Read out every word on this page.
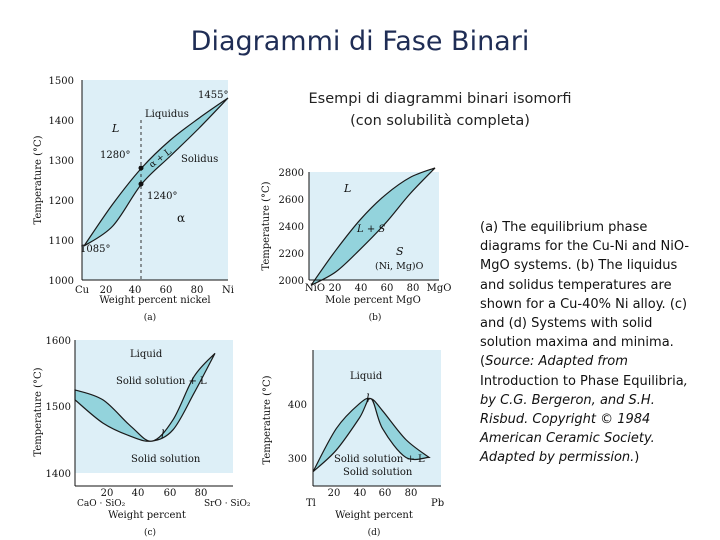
Diagrammi di Fase Binari
Esempi di diagrammi binari isomorfi
(con solubilità completa)
(a) The equilibrium phase diagrams for the Cu-Ni and NiO-MgO systems. (b) The liquidus and solidus temperatures are shown for a Cu-40% Ni alloy. (c) and (d) Systems with solid solution maxima and minima. (Source: Adapted from Introduction to Phase Equilibria, by C.G. Bergeron, and S.H. Risbud. Copyright © 1984 American Ceramic Society. Adapted by permission.)
1500
1400
1300
1200
1100
1000
Cu 20 40 60 80 Ni
Temperature (°C)
Weight percent nickel
(a)
1455°
Liquidus
L
1280° α + L Solidus
1240°
α
1085°
2800
2600
2400
2200
2000
NiO 20 40 60 80 MgO
Temperature (°C)
Mole percent MgO
(b)
L
L + S
S
(Ni, Mg)O
1600
1500
1400
20 40 60 80
CaO · SiO₂	SrO · SiO₂
Temperature (°C)
Weight percent
(c)
Liquid
Solid solution + L
l
Solid solution
400
300
20 40 60 80
Tl	Pb
Temperature (°C)
Weight percent
(d)
Liquid
l
Solid solution + L
Solid solution
